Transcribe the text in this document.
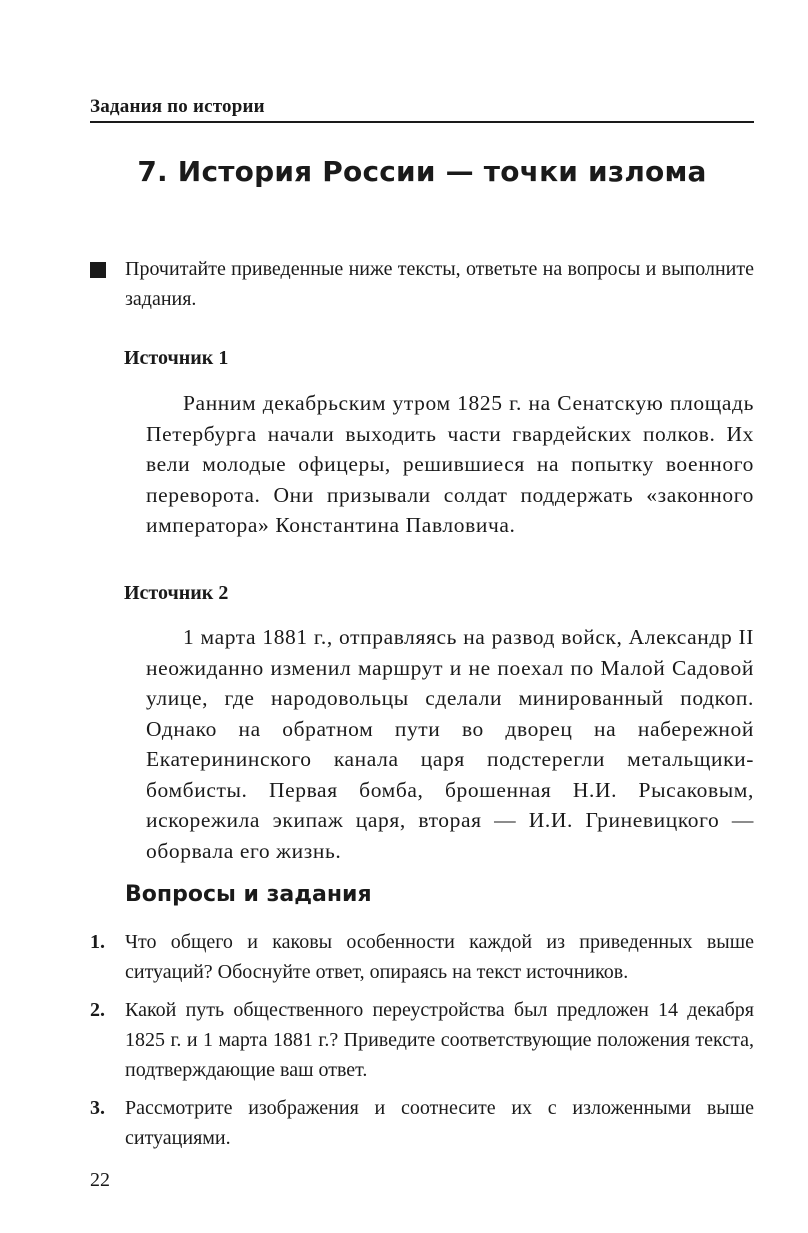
Задания по истории
7. История России — точки излома
Прочитайте приведенные ниже тексты, ответьте на вопросы и выполните задания.
Источник 1
Ранним декабрьским утром 1825 г. на Сенатскую площадь Петербурга начали выходить части гвардейских полков. Их вели молодые офицеры, решившиеся на попытку военного переворота. Они призывали солдат поддержать «законного императора» Константина Павловича.
Источник 2
1 марта 1881 г., отправляясь на развод войск, Александр II неожиданно изменил маршрут и не поехал по Малой Садовой улице, где народовольцы сделали минированный подкоп. Однако на обратном пути во дворец на набережной Екатерининского канала царя подстерегли метальщики-бомбисты. Первая бомба, брошенная Н.И. Рысаковым, искорежила экипаж царя, вторая — И.И. Гриневицкого — оборвала его жизнь.
Вопросы и задания
1. Что общего и каковы особенности каждой из приведенных выше ситуаций? Обоснуйте ответ, опираясь на текст источников.
2. Какой путь общественного переустройства был предложен 14 декабря 1825 г. и 1 марта 1881 г.? Приведите соответствующие положения текста, подтверждающие ваш ответ.
3. Рассмотрите изображения и соотнесите их с изложенными выше ситуациями.
22
